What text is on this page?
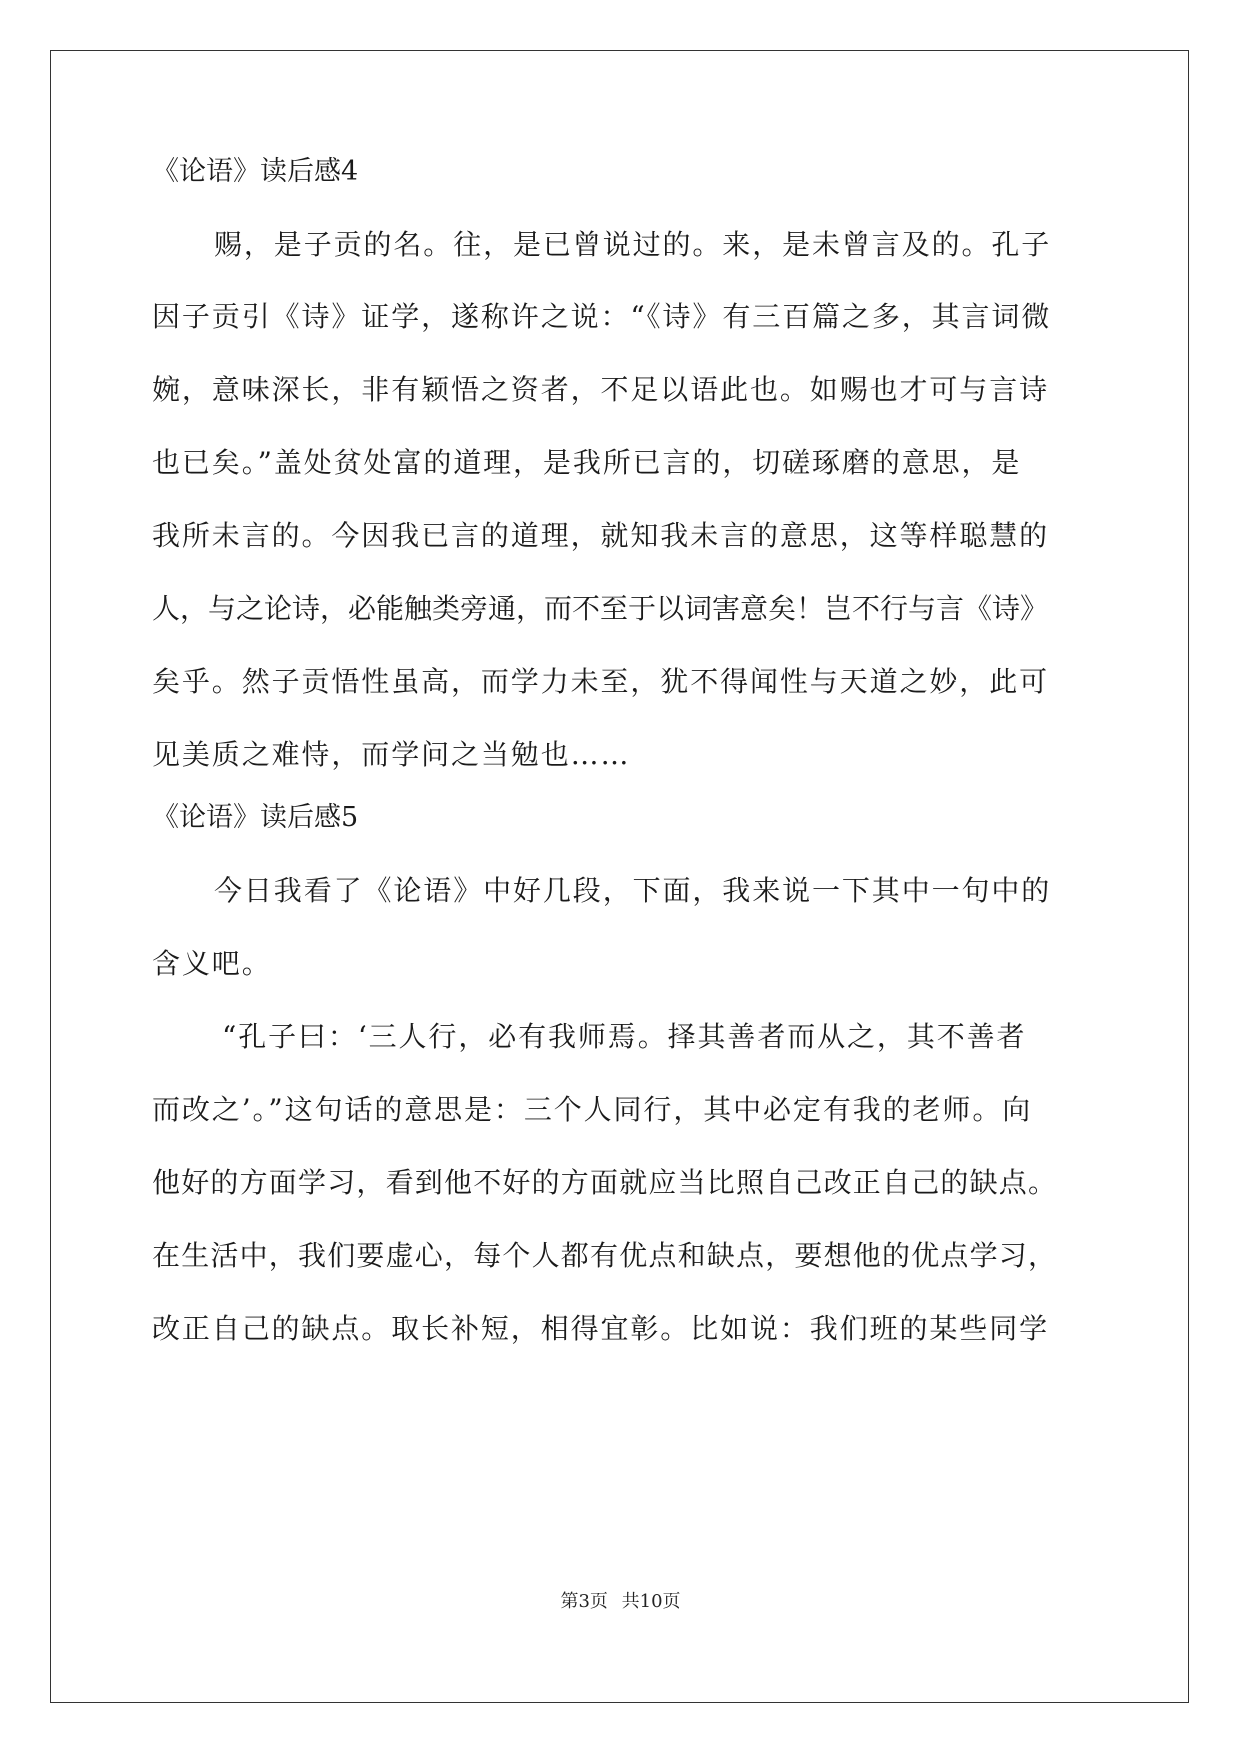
《论语》读后感4
赐，是子贡的名。往，是已曾说过的。来，是未曾言及的。孔子
因子贡引《诗》证学，遂称许之说：“《诗》有三百篇之多，其言词微
婉，意味深长，非有颖悟之资者，不足以语此也。如赐也才可与言诗
也已矣。”盖处贫处富的道理，是我所已言的，切磋琢磨的意思，是
我所未言的。今因我已言的道理，就知我未言的意思，这等样聪慧的
人，与之论诗，必能触类旁通，而不至于以词害意矣！岂不行与言《诗》
矣乎。然子贡悟性虽高，而学力未至，犹不得闻性与天道之妙，此可
见美质之难恃，而学问之当勉也……
《论语》读后感5
今日我看了《论语》中好几段，下面，我来说一下其中一句中的
含义吧。
“孔子曰：‘三人行，必有我师焉。择其善者而从之，其不善者
而改之’。”这句话的意思是：三个人同行，其中必定有我的老师。向
他好的方面学习，看到他不好的方面就应当比照自己改正自己的缺点。
在生活中，我们要虚心，每个人都有优点和缺点，要想他的优点学习，
改正自己的缺点。取长补短，相得宜彰。比如说：我们班的某些同学
第3页 共10页
